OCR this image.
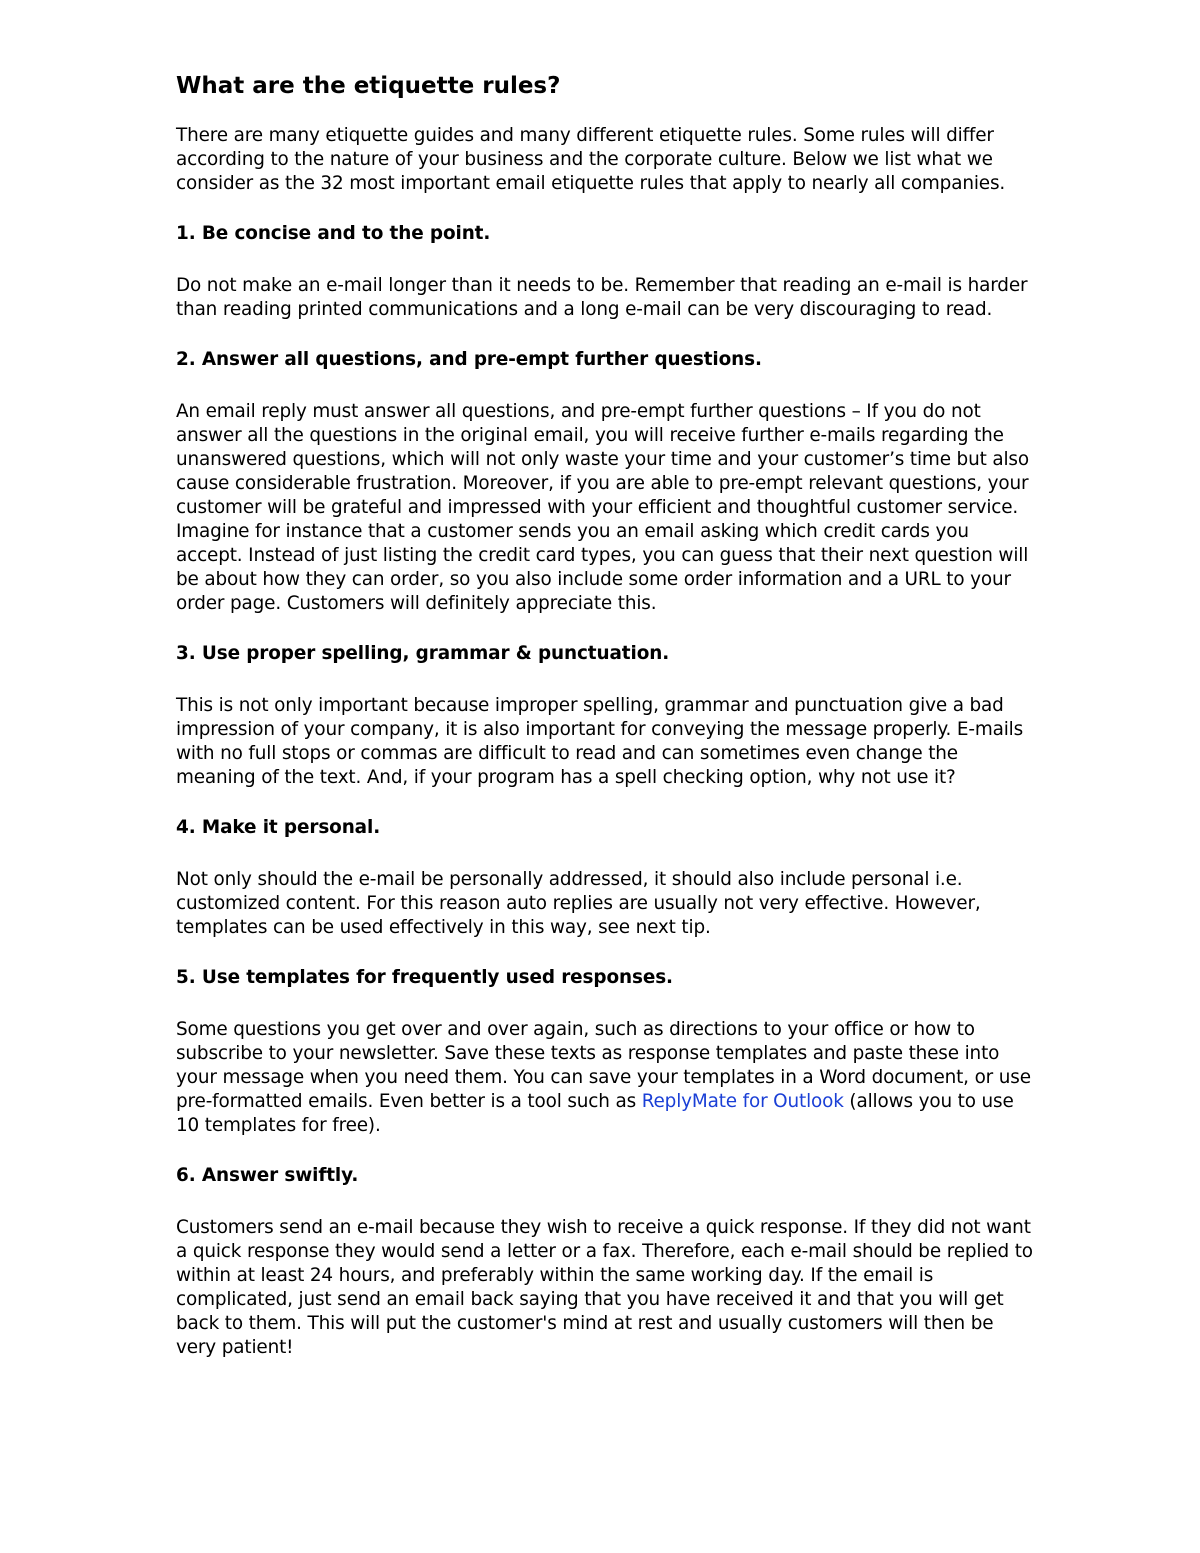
What are the etiquette rules?

There are many etiquette guides and many different etiquette rules. Some rules will differ according to the nature of your business and the corporate culture. Below we list what we consider as the 32 most important email etiquette rules that apply to nearly all companies.

1. Be concise and to the point.

Do not make an e-mail longer than it needs to be. Remember that reading an e-mail is harder than reading printed communications and a long e-mail can be very discouraging to read.

2. Answer all questions, and pre-empt further questions.

An email reply must answer all questions, and pre-empt further questions – If you do not answer all the questions in the original email, you will receive further e-mails regarding the unanswered questions, which will not only waste your time and your customer’s time but also cause considerable frustration. Moreover, if you are able to pre-empt relevant questions, your customer will be grateful and impressed with your efficient and thoughtful customer service. Imagine for instance that a customer sends you an email asking which credit cards you accept. Instead of just listing the credit card types, you can guess that their next question will be about how they can order, so you also include some order information and a URL to your order page. Customers will definitely appreciate this.

3. Use proper spelling, grammar & punctuation.

This is not only important because improper spelling, grammar and punctuation give a bad impression of your company, it is also important for conveying the message properly. E-mails with no full stops or commas are difficult to read and can sometimes even change the meaning of the text. And, if your program has a spell checking option, why not use it?

4. Make it personal.

Not only should the e-mail be personally addressed, it should also include personal i.e. customized content. For this reason auto replies are usually not very effective. However, templates can be used effectively in this way, see next tip.

5. Use templates for frequently used responses.

Some questions you get over and over again, such as directions to your office or how to subscribe to your newsletter. Save these texts as response templates and paste these into your message when you need them. You can save your templates in a Word document, or use pre-formatted emails. Even better is a tool such as ReplyMate for Outlook (allows you to use 10 templates for free).

6. Answer swiftly.

Customers send an e-mail because they wish to receive a quick response. If they did not want a quick response they would send a letter or a fax. Therefore, each e-mail should be replied to within at least 24 hours, and preferably within the same working day. If the email is complicated, just send an email back saying that you have received it and that you will get back to them. This will put the customer's mind at rest and usually customers will then be very patient!
